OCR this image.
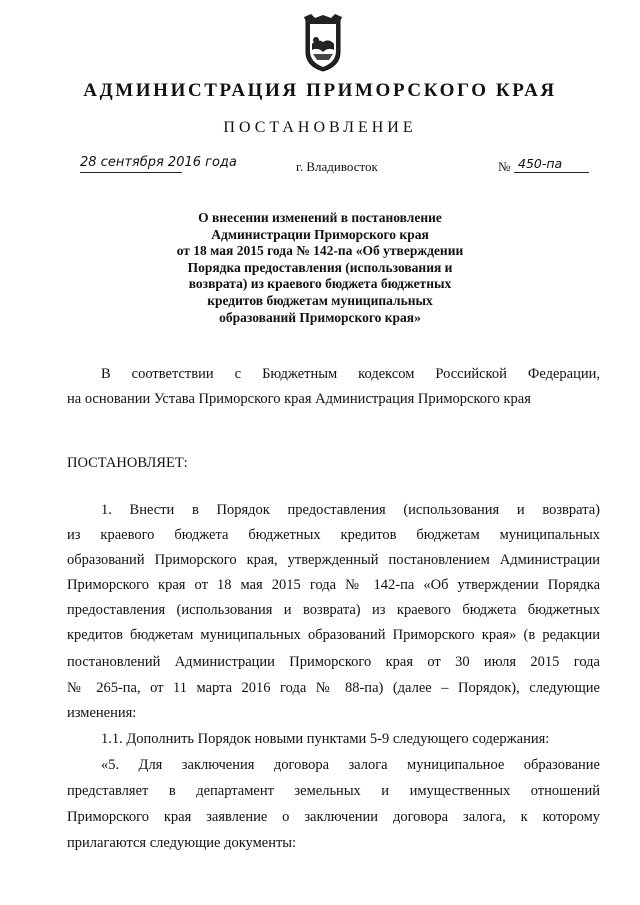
АДМИНИСТРАЦИЯ ПРИМОРСКОГО КРАЯ
ПОСТАНОВЛЕНИЕ
28 сентября 2016 года	г. Владивосток	№ 450-па
О внесении изменений в постановление
Администрации Приморского края
от 18 мая 2015 года № 142-па «Об утверждении
Порядка предоставления (использования и
возврата) из краевого бюджета бюджетных
кредитов бюджетам муниципальных
образований Приморского края»
В соответствии с Бюджетным кодексом Российской Федерации,
на основании Устава Приморского края Администрация Приморского края
ПОСТАНОВЛЯЕТ:
1. Внести в Порядок предоставления (использования и возврата)
из краевого бюджета бюджетных кредитов бюджетам муниципальных
образований Приморского края, утвержденный постановлением Администрации
Приморского края от 18 мая 2015 года № 142-па «Об утверждении Порядка
предоставления (использования и возврата) из краевого бюджета бюджетных
кредитов бюджетам муниципальных образований Приморского края» (в редакции
постановлений Администрации Приморского края от 30 июля 2015 года
№ 265-па, от 11 марта 2016 года № 88-па) (далее – Порядок), следующие
изменения:
1.1. Дополнить Порядок новыми пунктами 5-9 следующего содержания:
«5. Для заключения договора залога муниципальное образование
представляет в департамент земельных и имущественных отношений
Приморского края заявление о заключении договора залога, к которому
прилагаются следующие документы:
